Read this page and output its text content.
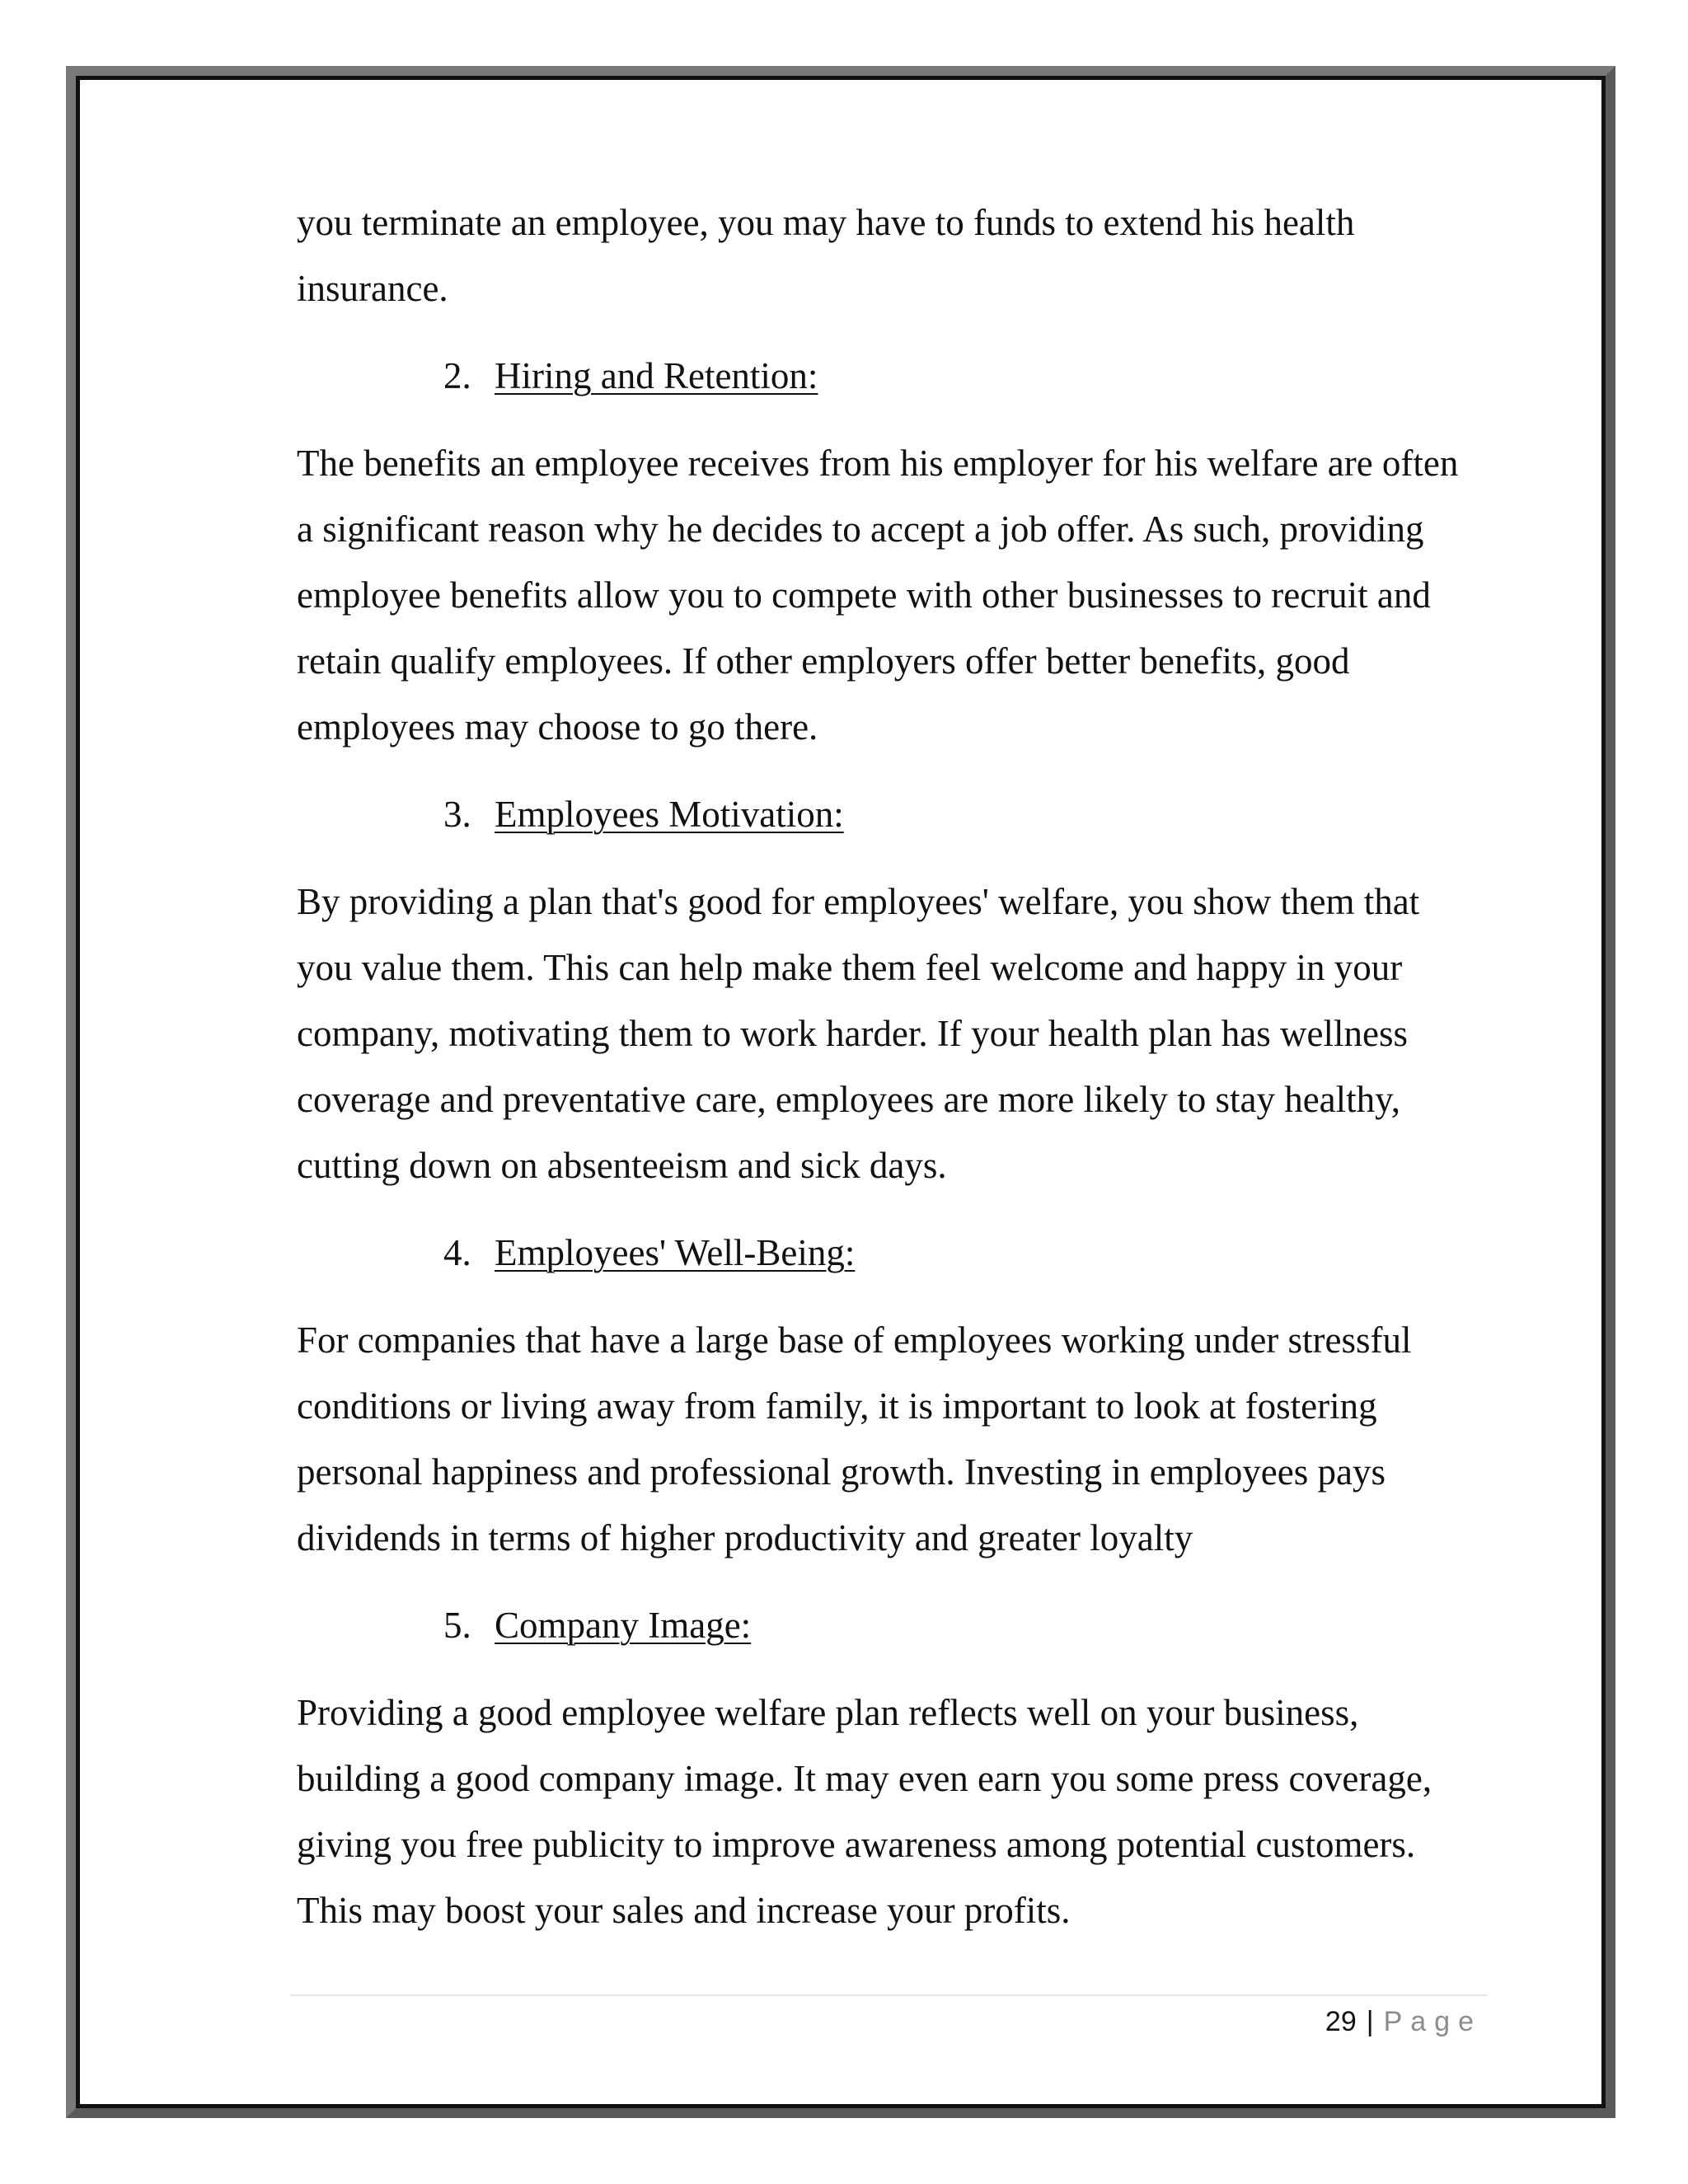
you terminate an employee, you may have to funds to extend his health insurance.

2. Hiring and Retention:

The benefits an employee receives from his employer for his welfare are often a significant reason why he decides to accept a job offer. As such, providing employee benefits allow you to compete with other businesses to recruit and retain qualify employees. If other employers offer better benefits, good employees may choose to go there.

3. Employees Motivation:

By providing a plan that's good for employees' welfare, you show them that you value them. This can help make them feel welcome and happy in your company, motivating them to work harder. If your health plan has wellness coverage and preventative care, employees are more likely to stay healthy, cutting down on absenteeism and sick days.

4. Employees' Well-Being:

For companies that have a large base of employees working under stressful conditions or living away from family, it is important to look at fostering personal happiness and professional growth. Investing in employees pays dividends in terms of higher productivity and greater loyalty

5. Company Image:

Providing a good employee welfare plan reflects well on your business, building a good company image. It may even earn you some press coverage, giving you free publicity to improve awareness among potential customers. This may boost your sales and increase your profits.

29 | Page
